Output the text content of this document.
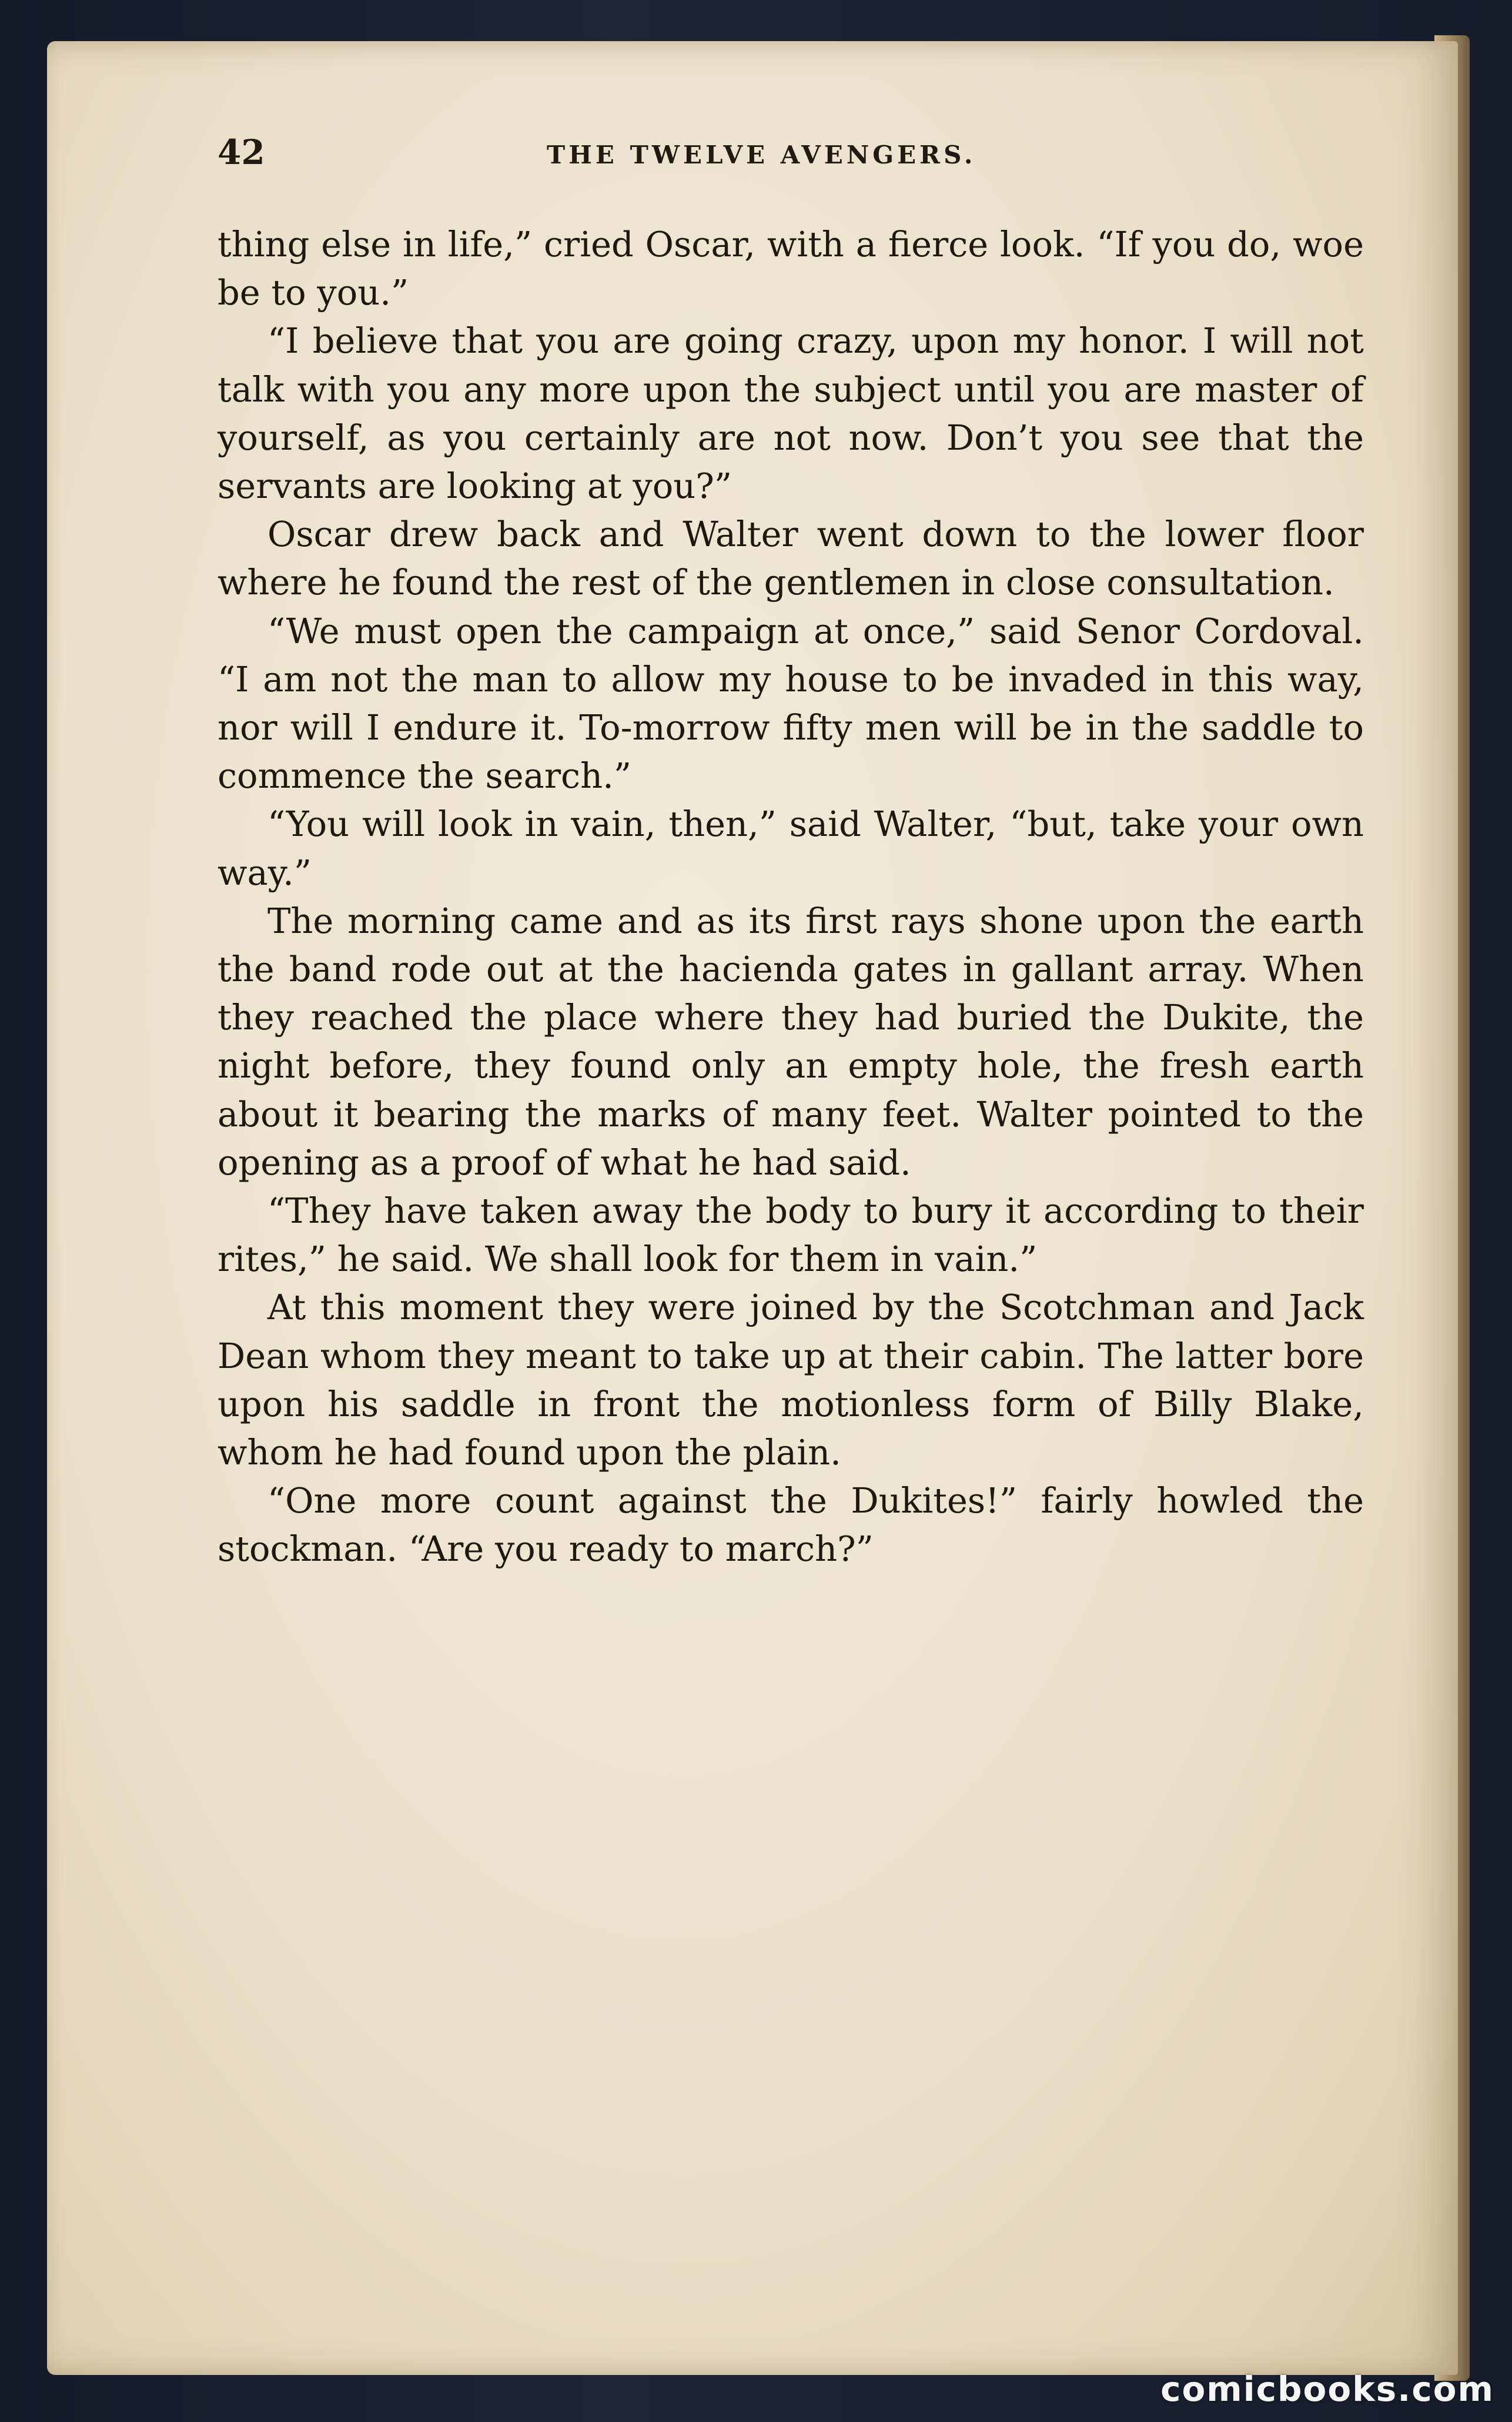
42	THE TWELVE AVENGERS.

thing else in life,” cried Oscar, with a fierce look. “If you do, woe be to you.”

“I believe that you are going crazy, upon my honor. I will not talk with you any more upon the subject until you are master of yourself, as you certainly are not now. Don’t you see that the servants are looking at you?”

Oscar drew back and Walter went down to the lower floor where he found the rest of the gentlemen in close consultation.

“We must open the campaign at once,” said Senor Cordoval. “I am not the man to allow my house to be invaded in this way, nor will I endure it. To-morrow fifty men will be in the saddle to commence the search.”

“You will look in vain, then,” said Walter, “but, take your own way.”

The morning came and as its first rays shone upon the earth the band rode out at the hacienda gates in gallant array. When they reached the place where they had buried the Dukite, the night before, they found only an empty hole, the fresh earth about it bearing the marks of many feet. Walter pointed to the opening as a proof of what he had said.

“They have taken away the body to bury it according to their rites,” he said. We shall look for them in vain.”

At this moment they were joined by the Scotchman and Jack Dean whom they meant to take up at their cabin. The latter bore upon his saddle in front the motionless form of Billy Blake, whom he had found upon the plain.

“One more count against the Dukites!” fairly howled the stockman. “Are you ready to march?”

comicbooks.com
